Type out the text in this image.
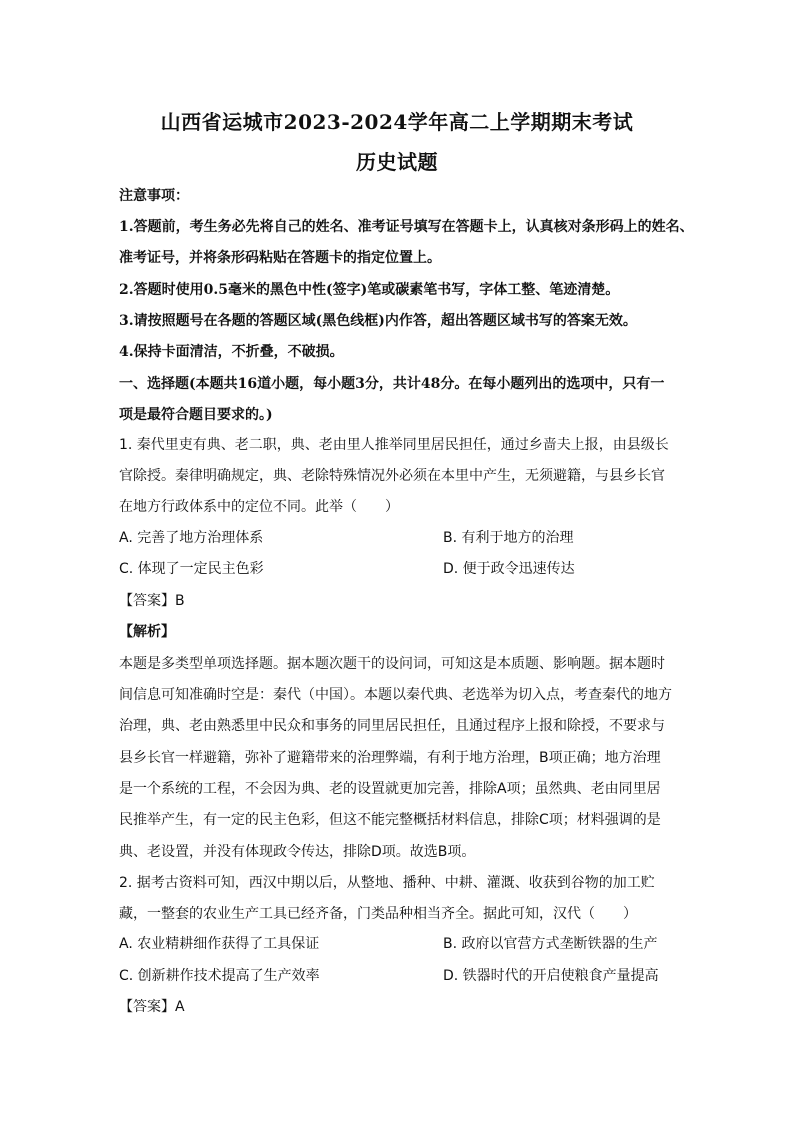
山西省运城市2023-2024学年高二上学期期末考试
历史试题
注意事项：
1.答题前，考生务必先将自己的姓名、准考证号填写在答题卡上，认真核对条形码上的姓名、
准考证号，并将条形码粘贴在答题卡的指定位置上。
2.答题时使用0.5毫米的黑色中性(签字)笔或碳素笔书写，字体工整、笔迹清楚。
3.请按照题号在各题的答题区域(黑色线框)内作答，超出答题区域书写的答案无效。
4.保持卡面清洁，不折叠，不破损。
一、选择题(本题共16道小题，每小题3分，共计48分。在每小题列出的选项中，只有一
项是最符合题目要求的。)
1. 秦代里吏有典、老二职，典、老由里人推举同里居民担任，通过乡啬夫上报，由县级长
官除授。秦律明确规定，典、老除特殊情况外必须在本里中产生，无须避籍，与县乡长官
在地方行政体系中的定位不同。此举（　　）
A. 完善了地方治理体系	B. 有利于地方的治理
C. 体现了一定民主色彩	D. 便于政令迅速传达
【答案】B
【解析】
本题是多类型单项选择题。据本题次题干的设问词，可知这是本质题、影响题。据本题时
间信息可知准确时空是：秦代（中国）。本题以秦代典、老选举为切入点，考查秦代的地方
治理，典、老由熟悉里中民众和事务的同里居民担任，且通过程序上报和除授，不要求与
县乡长官一样避籍，弥补了避籍带来的治理弊端，有利于地方治理，B项正确；地方治理
是一个系统的工程，不会因为典、老的设置就更加完善，排除A项；虽然典、老由同里居
民推举产生，有一定的民主色彩，但这不能完整概括材料信息，排除C项；材料强调的是
典、老设置，并没有体现政令传达，排除D项。故选B项。
2. 据考古资料可知，西汉中期以后，从整地、播种、中耕、灌溉、收获到谷物的加工贮
藏，一整套的农业生产工具已经齐备，门类品种相当齐全。据此可知，汉代（　　）
A. 农业精耕细作获得了工具保证	B. 政府以官营方式垄断铁器的生产
C. 创新耕作技术提高了生产效率	D. 铁器时代的开启使粮食产量提高
【答案】A
